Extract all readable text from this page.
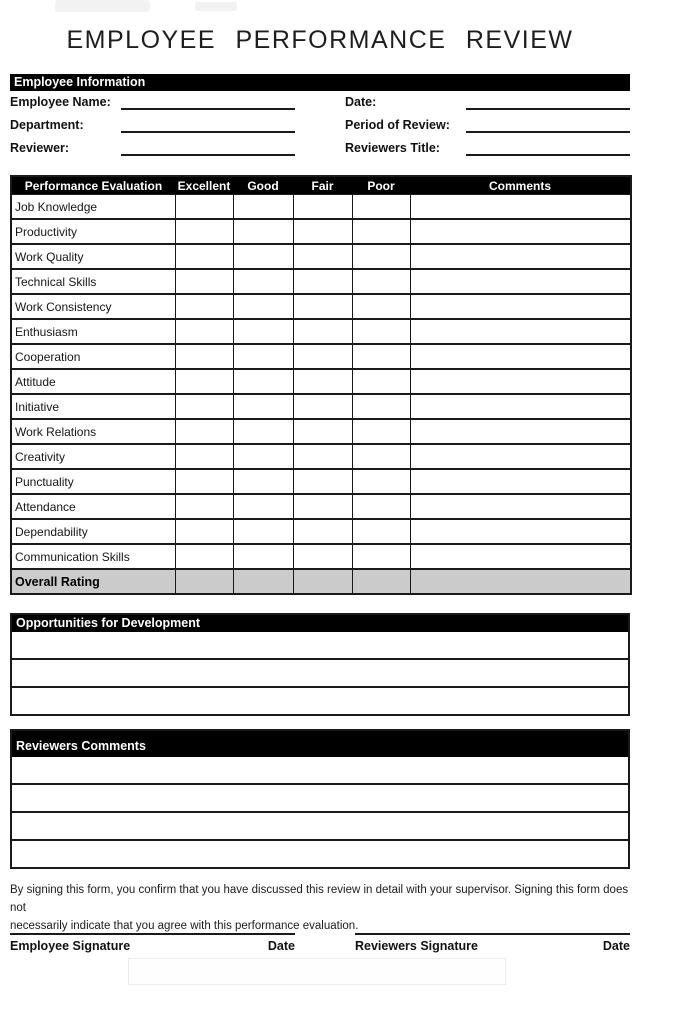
EMPLOYEE PERFORMANCE REVIEW
Employee Information
Employee Name:
Department:
Reviewer:
Date:
Period of Review:
Reviewers Title:
Performance Evaluation	Excellent	Good	Fair	Poor	Comments
Job Knowledge					
Productivity					
Work Quality					
Technical Skills					
Work Consistency					
Enthusiasm					
Cooperation					
Attitude					
Initiative					
Work Relations					
Creativity					
Punctuality					
Attendance					
Dependability					
Communication Skills					
Overall Rating					
Opportunities for Development
Reviewers Comments

By signing this form, you confirm that you have discussed this review in detail with your supervisor. Signing this form does not
necessarily indicate that you agree with this performance evaluation.

Employee Signature	Date	Reviewers Signature	Date
